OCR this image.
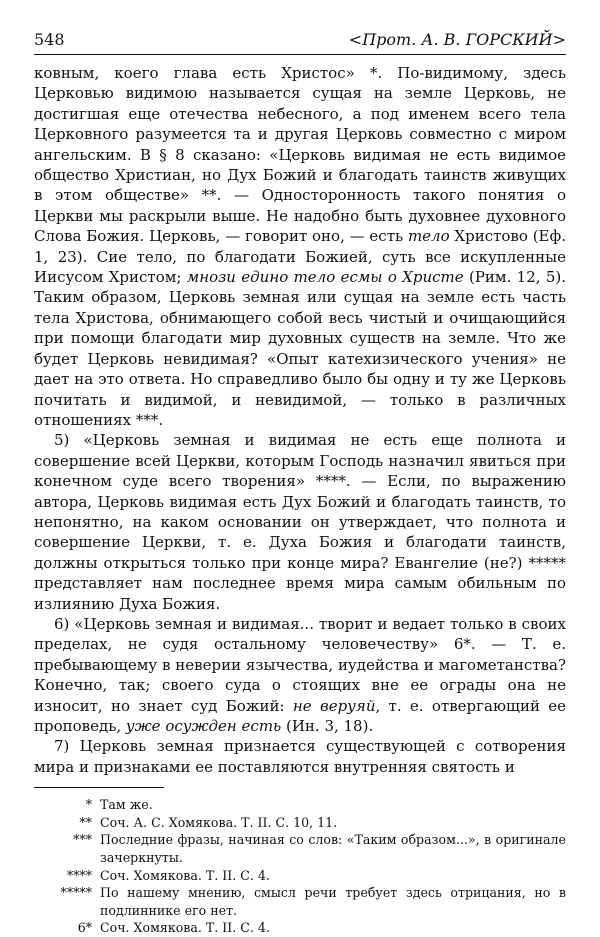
548	<Прот. А. В. ГОРСКИЙ>

ковным, коего глава есть Христос» *. По-видимому, здесь Церковью видимою называется сущая на земле Церковь, не достигшая еще отечества небесного, а под именем всего тела Церковного разумеется та и другая Церковь совместно с миром ангельским. В § 8 сказано: «Церковь видимая не есть видимое общество Христиан, но Дух Божий и благодать таинств живущих в этом обществе» **. — Односторонность такого понятия о Церкви мы раскрыли выше. Не надобно быть духовнее духовного Слова Божия. Церковь, — говорит оно, — есть тело Христово (Еф. 1, 23). Сие тело, по благодати Божией, суть все искупленные Иисусом Христом; мнози едино тело есмы о Христе (Рим. 12, 5). Таким образом, Церковь земная или сущая на земле есть часть тела Христова, обнимающего собой весь чистый и очищающийся при помощи благодати мир духовных существ на земле. Что же будет Церковь невидимая? «Опыт катехизического учения» не дает на это ответа. Но справедливо было бы одну и ту же Церковь почитать и видимой, и невидимой, — только в различных отношениях ***.

5) «Церковь земная и видимая не есть еще полнота и совершение всей Церкви, которым Господь назначил явиться при конечном суде всего творения» ****. — Если, по выражению автора, Церковь видимая есть Дух Божий и благодать таинств, то непонятно, на каком основании он утверждает, что полнота и совершение Церкви, т. е. Духа Божия и благодати таинств, должны открыться только при конце мира? Евангелие (не?) ***** представляет нам последнее время мира самым обильным по излиянию Духа Божия.

6) «Церковь земная и видимая... творит и ведает только в своих пределах, не судя остальному человечеству» 6*. — Т. е. пребывающему в неверии язычества, иудейства и магометанства? Конечно, так; своего суда о стоящих вне ее ограды она не износит, но знает суд Божий: не веруяй, т. е. отвергающий ее проповедь, уже осужден есть (Ин. 3, 18).

7) Церковь земная признается существующей с сотворения мира и признаками ее поставляются внутренняя святость и

* Там же.
** Соч. А. С. Хомякова. Т. II. С. 10, 11.
*** Последние фразы, начиная со слов: «Таким образом...», в оригинале зачеркнуты.
**** Соч. Хомякова. Т. II. С. 4.
***** По нашему мнению, смысл речи требует здесь отрицания, но в подлиннике его нет.
6* Соч. Хомякова. Т. II. С. 4.
